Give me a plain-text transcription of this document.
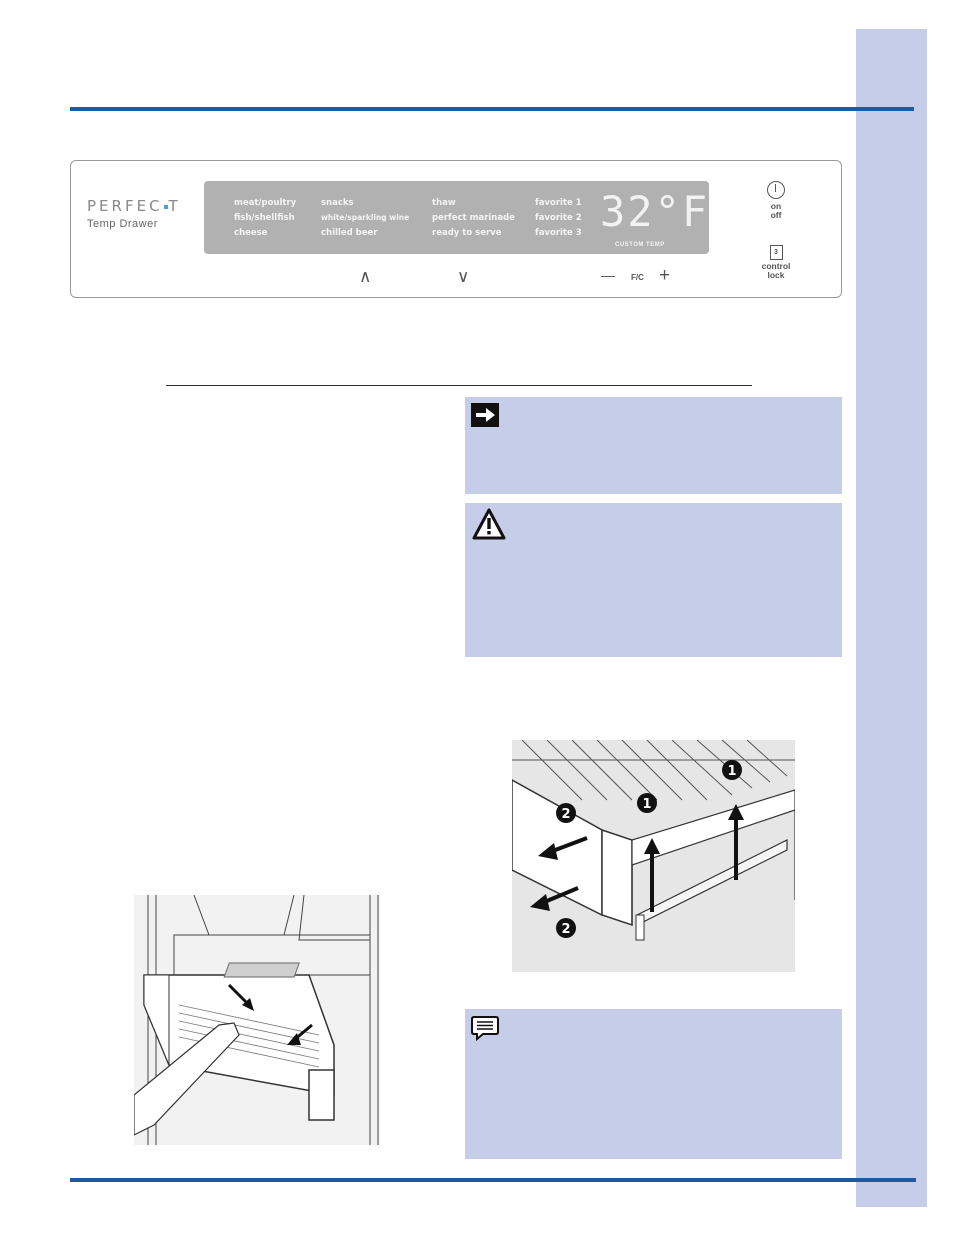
PERFEC T
Temp Drawer
meat/poultry
fish/shellfish
cheese
snacks
white/sparkling wine
chilled beer
thaw
perfect marinade
ready to serve
favorite 1
favorite 2
favorite 3 32°F
CUSTOM TEMP
∧	∨	— F/C +
on
off
3
control
lock
2
1
1
2
